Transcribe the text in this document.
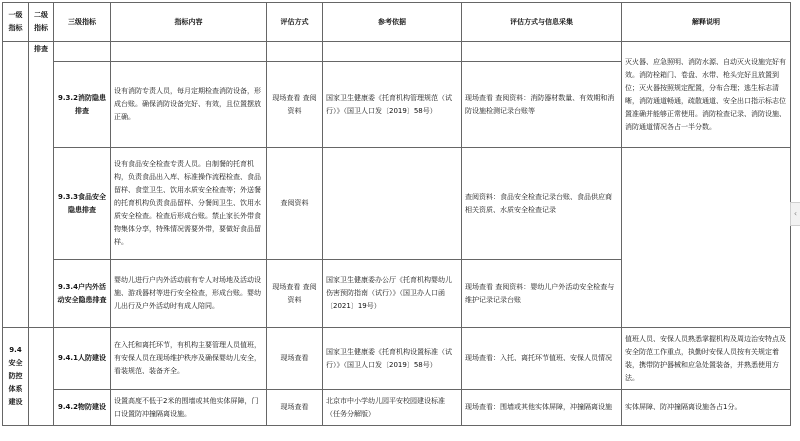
一级指标	二级指标	三级指标	指标内容	评估方式	参考依据	评估方式与信息采集	解释说明
	排查						灭火器、应急照明、消防水源、自动灭火设施完好有效。消防栓箱门、卷盘、水带、枪头完好且放置到位；灭火器按照规定配置，分布合理；逃生标志清晰，消防通道畅通，疏散通道、安全出口指示标志位置准确并能够正常使用。消防检查记录、消防设施、消防通道情况各占一半分数。
		9.3.2消防隐患排查	设有消防专责人员，每月定期检查消防设备，形成台账。确保消防设备完好、有效，且位置摆放正确。	现场查看 查阅资料	国家卫生健康委《托育机构管理规范（试行）》（国卫人口发〔2019〕58号）	现场查看 查阅资料：消防器材数量、有效期和消防设施检测记录台账等	
		9.3.3食品安全隐患排查	设有食品安全检查专责人员。自制餐的托育机构，负责食品出入库、标准操作流程检查、食品留样、食堂卫生、饮用水质安全检查等；外送餐的托育机构负责食品留样、分餐间卫生、饮用水质安全检查。检查后形成台账。禁止家长外带食物集体分享，特殊情况需要外带，要做好食品留样。	查阅资料		查阅资料：食品安全检查记录台账、食品供应商相关资质、水质安全检查记录	
		9.3.4户内外活动安全隐患排查	婴幼儿进行户内外活动前有专人对场地及活动设施、游戏器材等进行安全检查，形成台账。婴幼儿出行及户外活动时有成人陪同。	现场查看 查阅资料	国家卫生健康委办公厅《托育机构婴幼儿伤害预防指南（试行）》（国卫办人口函〔2021〕19号）	现场查看 查阅资料：婴幼儿户外活动安全检查与维护记录记录台账	
9.4安全防控体系建设		9.4.1人防建设	在入托和离托环节，有机构主要管理人员值班，有安保人员在现场维护秩序及确保婴幼儿安全，看装规范、装备齐全。	现场查看	国家卫生健康委《托育机构设置标准（试行）》（国卫人口发〔2019〕58号）	现场查看：入托、离托环节值班、安保人员情况	值班人员、安保人员熟悉掌握机构及周边治安特点及安全防范工作重点，执勤时安保人员按有关规定着装，携带防护器械和应急处置装备，并熟悉使用方法。
		9.4.2物防建设	设置高度不低于2米的围墙或其他实体屏障，门口设置防冲撞隔离设施。	现场查看	北京市中小学幼儿园平安校园建设标准（任务分解版）	现场查看：围墙或其他实体屏障，冲撞隔离设施	实体屏障、防冲撞隔离设施各占1分。
‹
